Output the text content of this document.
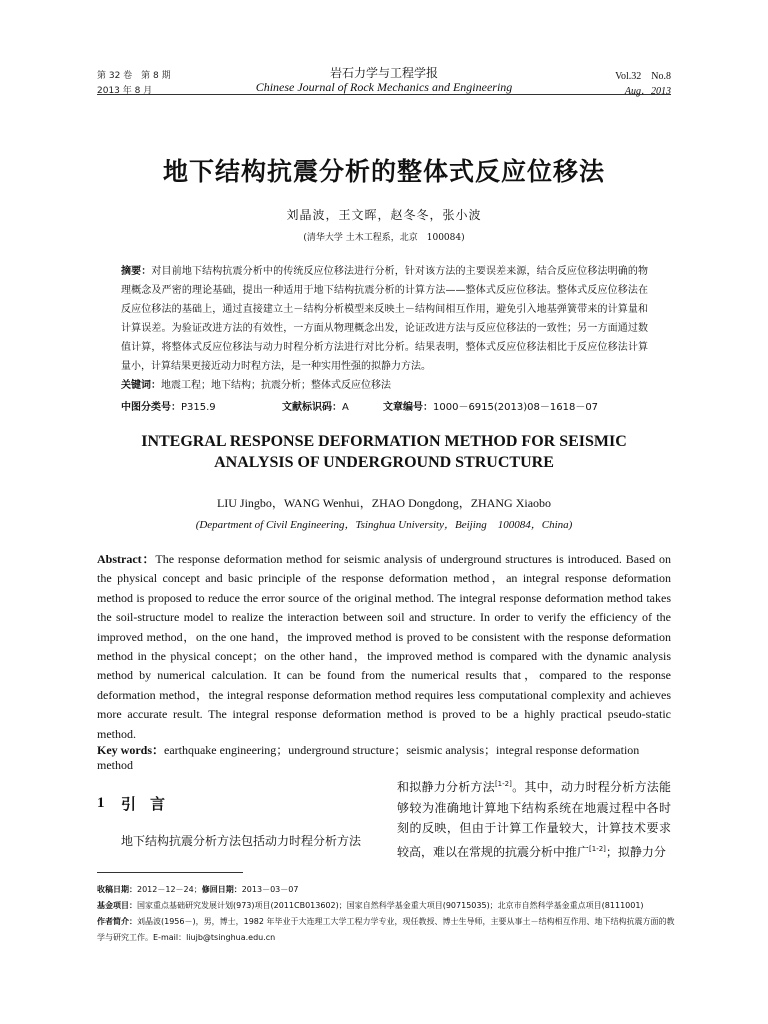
第 32 卷　第 8 期
2013 年 8 月
岩石力学与工程学报
Chinese Journal of Rock Mechanics and Engineering
Vol.32　No.8
Aug．2013
地下结构抗震分析的整体式反应位移法
刘晶波，王文晖，赵冬冬，张小波
(清华大学 土木工程系，北京　100084)
摘要：对目前地下结构抗震分析中的传统反应位移法进行分析，针对该方法的主要误差来源，结合反应位移法明确的物理概念及严密的理论基础，提出一种适用于地下结构抗震分析的计算方法——整体式反应位移法。整体式反应位移法在反应位移法的基础上，通过直接建立土－结构分析模型来反映土－结构间相互作用，避免引入地基弹簧带来的计算量和计算误差。为验证改进方法的有效性，一方面从物理概念出发，论证改进方法与反应位移法的一致性；另一方面通过数值计算，将整体式反应位移法与动力时程分析方法进行对比分析。结果表明，整体式反应位移法相比于反应位移法计算量小，计算结果更接近动力时程方法，是一种实用性强的拟静力方法。
关键词：地震工程；地下结构；抗震分析；整体式反应位移法
中图分类号：P315.9	文献标识码：A	文章编号：1000－6915(2013)08－1618－07
INTEGRAL RESPONSE DEFORMATION METHOD FOR SEISMIC
ANALYSIS OF UNDERGROUND STRUCTURE
LIU Jingbo，WANG Wenhui，ZHAO Dongdong，ZHANG Xiaobo
(Department of Civil Engineering，Tsinghua University，Beijing　100084，China)
Abstract：The response deformation method for seismic analysis of underground structures is introduced. Based on the physical concept and basic principle of the response deformation method，an integral response deformation method is proposed to reduce the error source of the original method. The integral response deformation method takes the soil-structure model to realize the interaction between soil and structure. In order to verify the efficiency of the improved method，on the one hand，the improved method is proved to be consistent with the response deformation method in the physical concept；on the other hand，the improved method is compared with the dynamic analysis method by numerical calculation. It can be found from the numerical results that，compared to the response deformation method，the integral response deformation method requires less computational complexity and achieves more accurate result. The integral response deformation method is proved to be a highly practical pseudo-static method.
Key words：earthquake engineering；underground structure；seismic analysis；integral response deformation method
1 引言
地下结构抗震分析方法包括动力时程分析方法
和拟静力分析方法[1-2]。其中，动力时程分析方法能够较为准确地计算地下结构系统在地震过程中各时刻的反映，但由于计算工作量较大，计算技术要求较高，难以在常规的抗震分析中推广[1-2]；拟静力分
收稿日期：2012－12－24；修回日期：2013－03－07
基金项目：国家重点基础研究发展计划(973)项目(2011CB013602)；国家自然科学基金重大项目(90715035)；北京市自然科学基金重点项目(8111001)
作者简介：刘晶波(1956－)，男，博士，1982 年毕业于大连理工大学工程力学专业，现任教授、博士生导师，主要从事土－结构相互作用、地下结构抗震方面的教学与研究工作。E-mail：liujb@tsinghua.edu.cn
